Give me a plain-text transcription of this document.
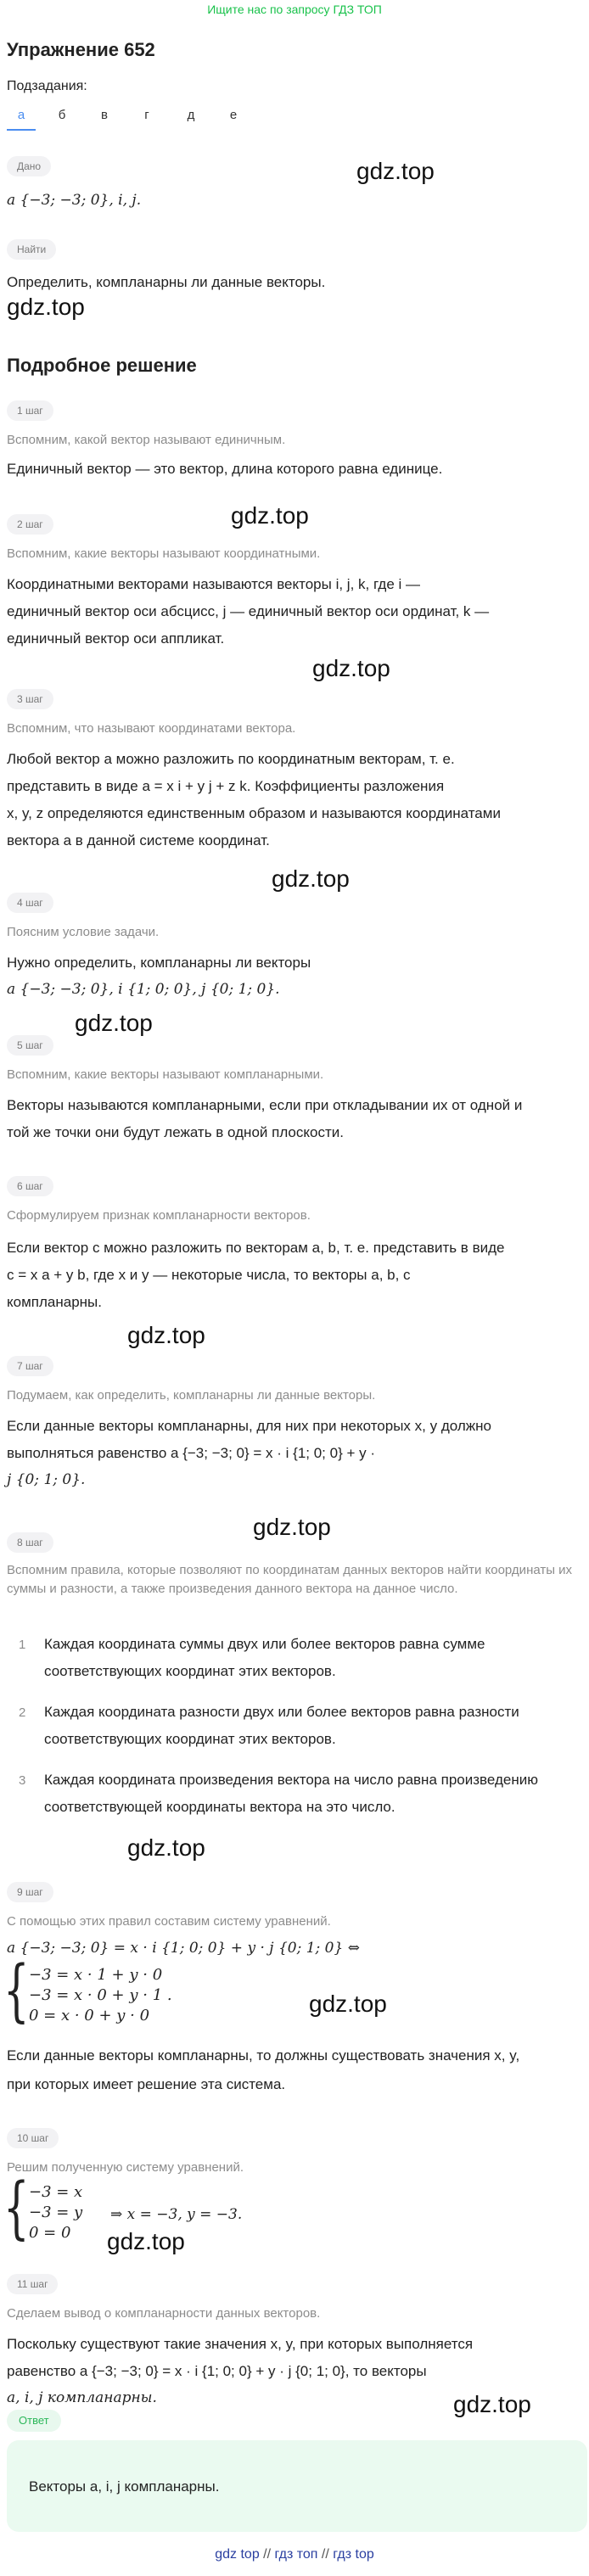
Ищите нас по запросу ГДЗ ТОП
Упражнение 652
Подзадания:
а	б	в	г	д	е
Дано
a {−3; −3; 0}, i, j.
gdz.top
Найти
Определить, компланарны ли данные векторы.
gdz.top
Подробное решение
1 шаг
Вспомним, какой вектор называют единичным.
Единичный вектор — это вектор, длина которого равна единице.
gdz.top
2 шаг
Вспомним, какие векторы называют координатными.
Координатными векторами называются векторы i, j, k, где i —
единичный вектор оси абсцисс, j — единичный вектор оси ординат, k —
единичный вектор оси аппликат.
gdz.top
3 шаг
Вспомним, что называют координатами вектора.
Любой вектор a можно разложить по координатным векторам, т. е.
представить в виде a = x i + y j + z k. Коэффициенты разложения
x, y, z определяются единственным образом и называются координатами
вектора a в данной системе координат.
gdz.top
4 шаг
Поясним условие задачи.
Нужно определить, компланарны ли векторы
a {−3; −3; 0}, i {1; 0; 0}, j {0; 1; 0}.
gdz.top
5 шаг
Вспомним, какие векторы называют компланарными.
Векторы называются компланарными, если при откладывании их от одной и
той же точки они будут лежать в одной плоскости.
6 шаг
Сформулируем признак компланарности векторов.
Если вектор c можно разложить по векторам a, b, т. е. представить в виде
c = x a + y b, где x и y — некоторые числа, то векторы a, b, c
компланарны.
gdz.top
7 шаг
Подумаем, как определить, компланарны ли данные векторы.
Если данные векторы компланарны, для них при некоторых x, y должно
выполняться равенство a {−3; −3; 0} = x · i {1; 0; 0} + y ·
j {0; 1; 0}.
gdz.top
8 шаг
Вспомним правила, которые позволяют по координатам данных векторов найти координаты их суммы и разности, а также произведения данного вектора на данное число.
1 Каждая координата суммы двух или более векторов равна сумме
соответствующих координат этих векторов.
2 Каждая координата разности двух или более векторов равна разности
соответствующих координат этих векторов.
3 Каждая координата произведения вектора на число равна произведению
соответствующей координаты вектора на это число.
gdz.top
9 шаг
С помощью этих правил составим систему уравнений.
a {−3; −3; 0} = x · i {1; 0; 0} + y · j {0; 1; 0} ⇔
{ −3 = x · 1 + y · 0
−3 = x · 0 + y · 1 .
0 = x · 0 + y · 0	gdz.top
Если данные векторы компланарны, то должны существовать значения x, y,
при которых имеет решение эта система.
10 шаг
Решим полученную систему уравнений.
{ −3 = x
−3 = y
0 = 0
⇒ x = −3, y = −3.
gdz.top
11 шаг
Сделаем вывод о компланарности данных векторов.
Поскольку существуют такие значения x, y, при которых выполняется
равенство a {−3; −3; 0} = x · i {1; 0; 0} + y · j {0; 1; 0}, то векторы
a, i, j компланарны.	gdz.top
Ответ
Векторы a, i, j компланарны.
gdz top // гдз топ // гдз top
